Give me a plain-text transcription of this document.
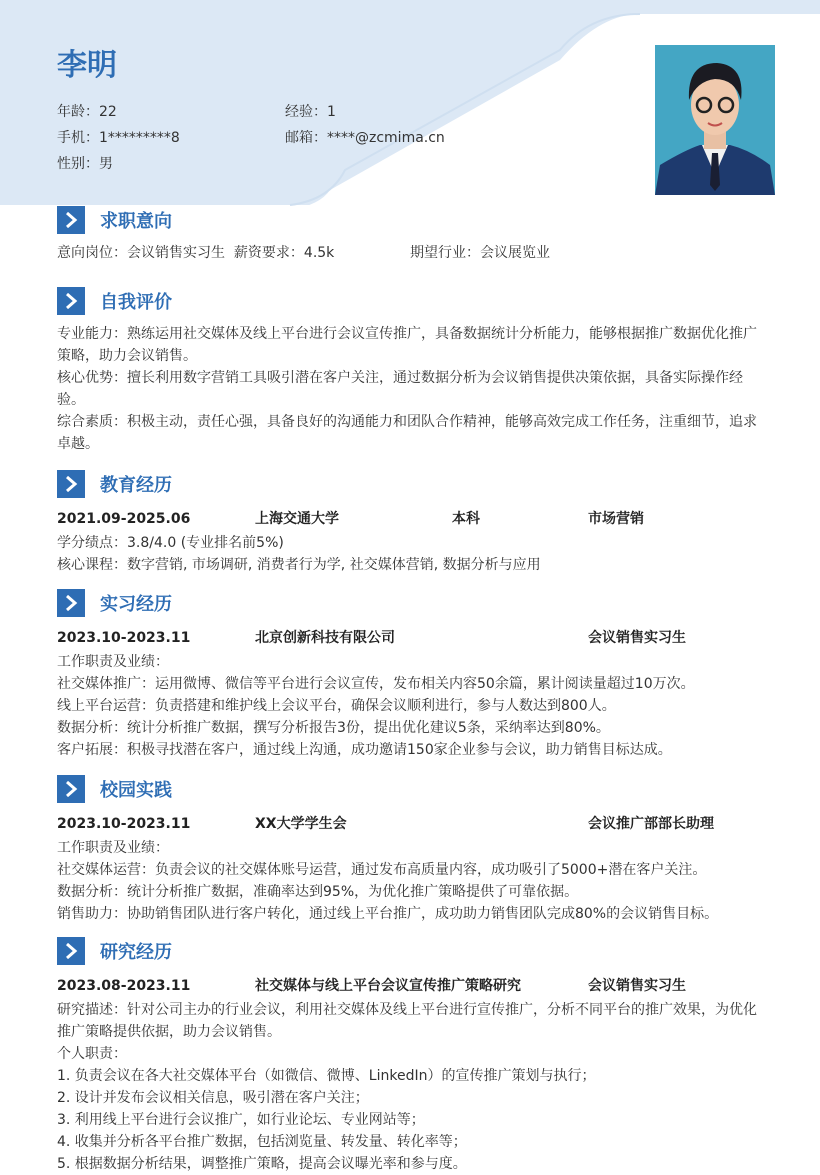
李明
年龄：22	经验：1
手机：1*********8	邮箱：****@zcmima.cn
性别：男
求职意向
意向岗位：会议销售实习生 薪资要求：4.5k	期望行业：会议展览业
自我评价
专业能力：熟练运用社交媒体及线上平台进行会议宣传推广，具备数据统计分析能力，能够根据推广数据优化推广策略，助力会议销售。
核心优势：擅长利用数字营销工具吸引潜在客户关注，通过数据分析为会议销售提供决策依据，具备实际操作经验。
综合素质：积极主动，责任心强，具备良好的沟通能力和团队合作精神，能够高效完成工作任务，注重细节，追求卓越。
教育经历
2021.09-2025.06	上海交通大学	本科	市场营销
学分绩点：3.8/4.0 (专业排名前5%)
核心课程：数字营销, 市场调研, 消费者行为学, 社交媒体营销, 数据分析与应用
实习经历
2023.10-2023.11	北京创新科技有限公司	会议销售实习生
工作职责及业绩：
社交媒体推广：运用微博、微信等平台进行会议宣传，发布相关内容50余篇，累计阅读量超过10万次。
线上平台运营：负责搭建和维护线上会议平台，确保会议顺利进行，参与人数达到800人。
数据分析：统计分析推广数据，撰写分析报告3份，提出优化建议5条，采纳率达到80%。
客户拓展：积极寻找潜在客户，通过线上沟通，成功邀请150家企业参与会议，助力销售目标达成。
校园实践
2023.10-2023.11	XX大学学生会	会议推广部部长助理
工作职责及业绩：
社交媒体运营：负责会议的社交媒体账号运营，通过发布高质量内容，成功吸引了5000+潜在客户关注。
数据分析：统计分析推广数据，准确率达到95%，为优化推广策略提供了可靠依据。
销售助力：协助销售团队进行客户转化，通过线上平台推广，成功助力销售团队完成80%的会议销售目标。
研究经历
2023.08-2023.11	社交媒体与线上平台会议宣传推广策略研究	会议销售实习生
研究描述：针对公司主办的行业会议，利用社交媒体及线上平台进行宣传推广，分析不同平台的推广效果，为优化推广策略提供依据，助力会议销售。
个人职责：
1. 负责会议在各大社交媒体平台（如微信、微博、LinkedIn）的宣传推广策划与执行；
2. 设计并发布会议相关信息，吸引潜在客户关注；
3. 利用线上平台进行会议推广，如行业论坛、专业网站等；
4. 收集并分析各平台推广数据，包括浏览量、转发量、转化率等；
5. 根据数据分析结果，调整推广策略，提高会议曝光率和参与度。
